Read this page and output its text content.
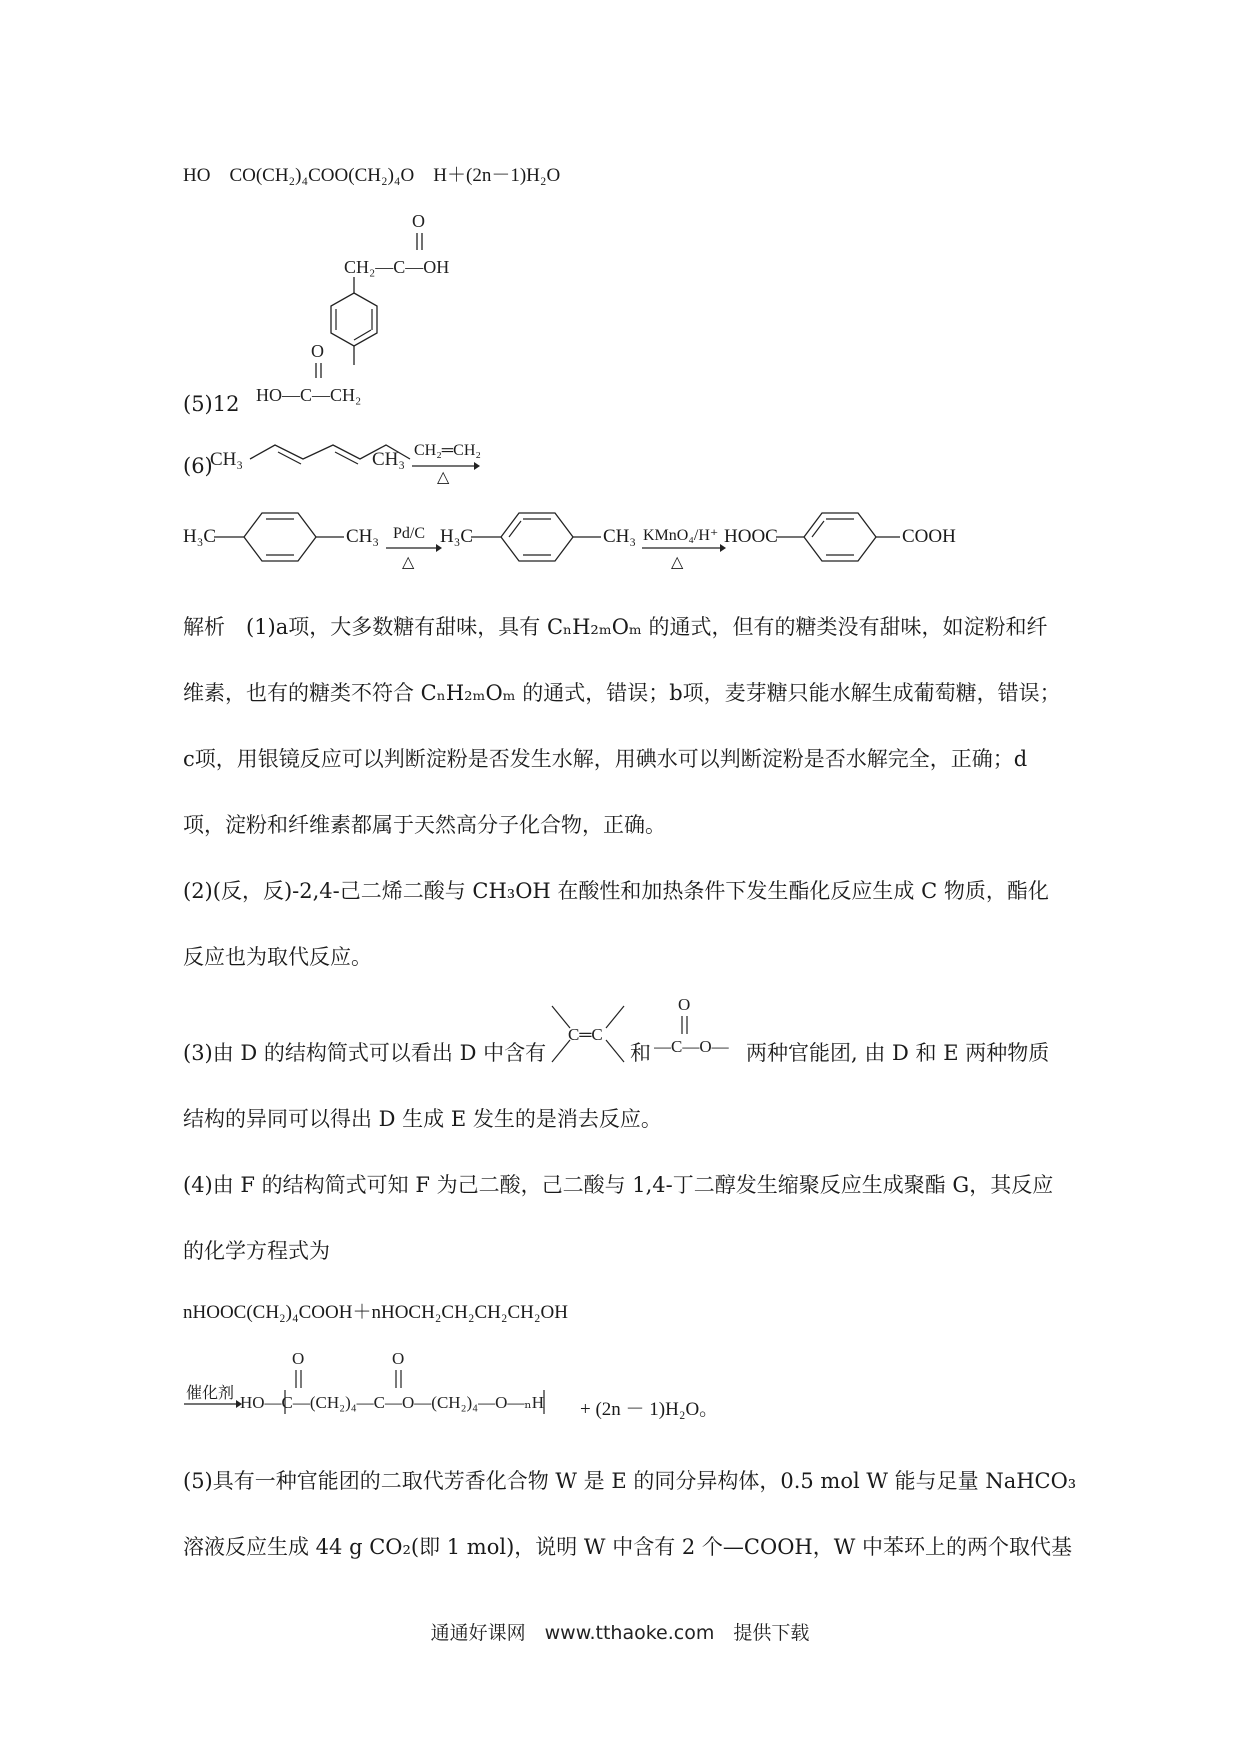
HO　CO(CH₂)₄COO(CH₂)₄O　H＋(2n－1)H₂O
O
CH₂—C—OH
O
HO—C—CH₂
(5)12
(6)
CH₃	CH₃ CH₂═CH₂
△
H₃C	CH₃ Pd/C
△
H₃C	CH₃ KMnO₄/H⁺
△
HOOC	COOH
解析　(1)a项，大多数糖有甜味，具有 CₙH₂ₘOₘ 的通式，但有的糖类没有甜味，如淀粉和纤
维素，也有的糖类不符合 CₙH₂ₘOₘ 的通式，错误；b项，麦芽糖只能水解生成葡萄糖，错误；
c项，用银镜反应可以判断淀粉是否发生水解，用碘水可以判断淀粉是否水解完全，正确；d
项，淀粉和纤维素都属于天然高分子化合物，正确。
(2)(反，反)-2,4-己二烯二酸与 CH₃OH 在酸性和加热条件下发生酯化反应生成 C 物质，酯化
反应也为取代反应。
(3)由 D 的结构简式可以看出 D 中含有
C═C
和
O
—C—O— 两种官能团, 由 D 和 E 两种物质
结构的异同可以得出 D 生成 E 发生的是消去反应。
(4)由 F 的结构简式可知 F 为己二酸，己二酸与 1,4-丁二醇发生缩聚反应生成聚酯 G，其反应
的化学方程式为
nHOOC(CH₂)₄COOH＋nHOCH₂CH₂CH₂CH₂OH
催化剂
O	O
HO—C—(CH₂)₄—C—O—(CH₂)₄—O—ₙH + (2n － 1)H₂O。
(5)具有一种官能团的二取代芳香化合物 W 是 E 的同分异构体，0.5 mol W 能与足量 NaHCO₃
溶液反应生成 44 g CO₂(即 1 mol)，说明 W 中含有 2 个—COOH，W 中苯环上的两个取代基
通通好课网　www.tthaoke.com　提供下载
